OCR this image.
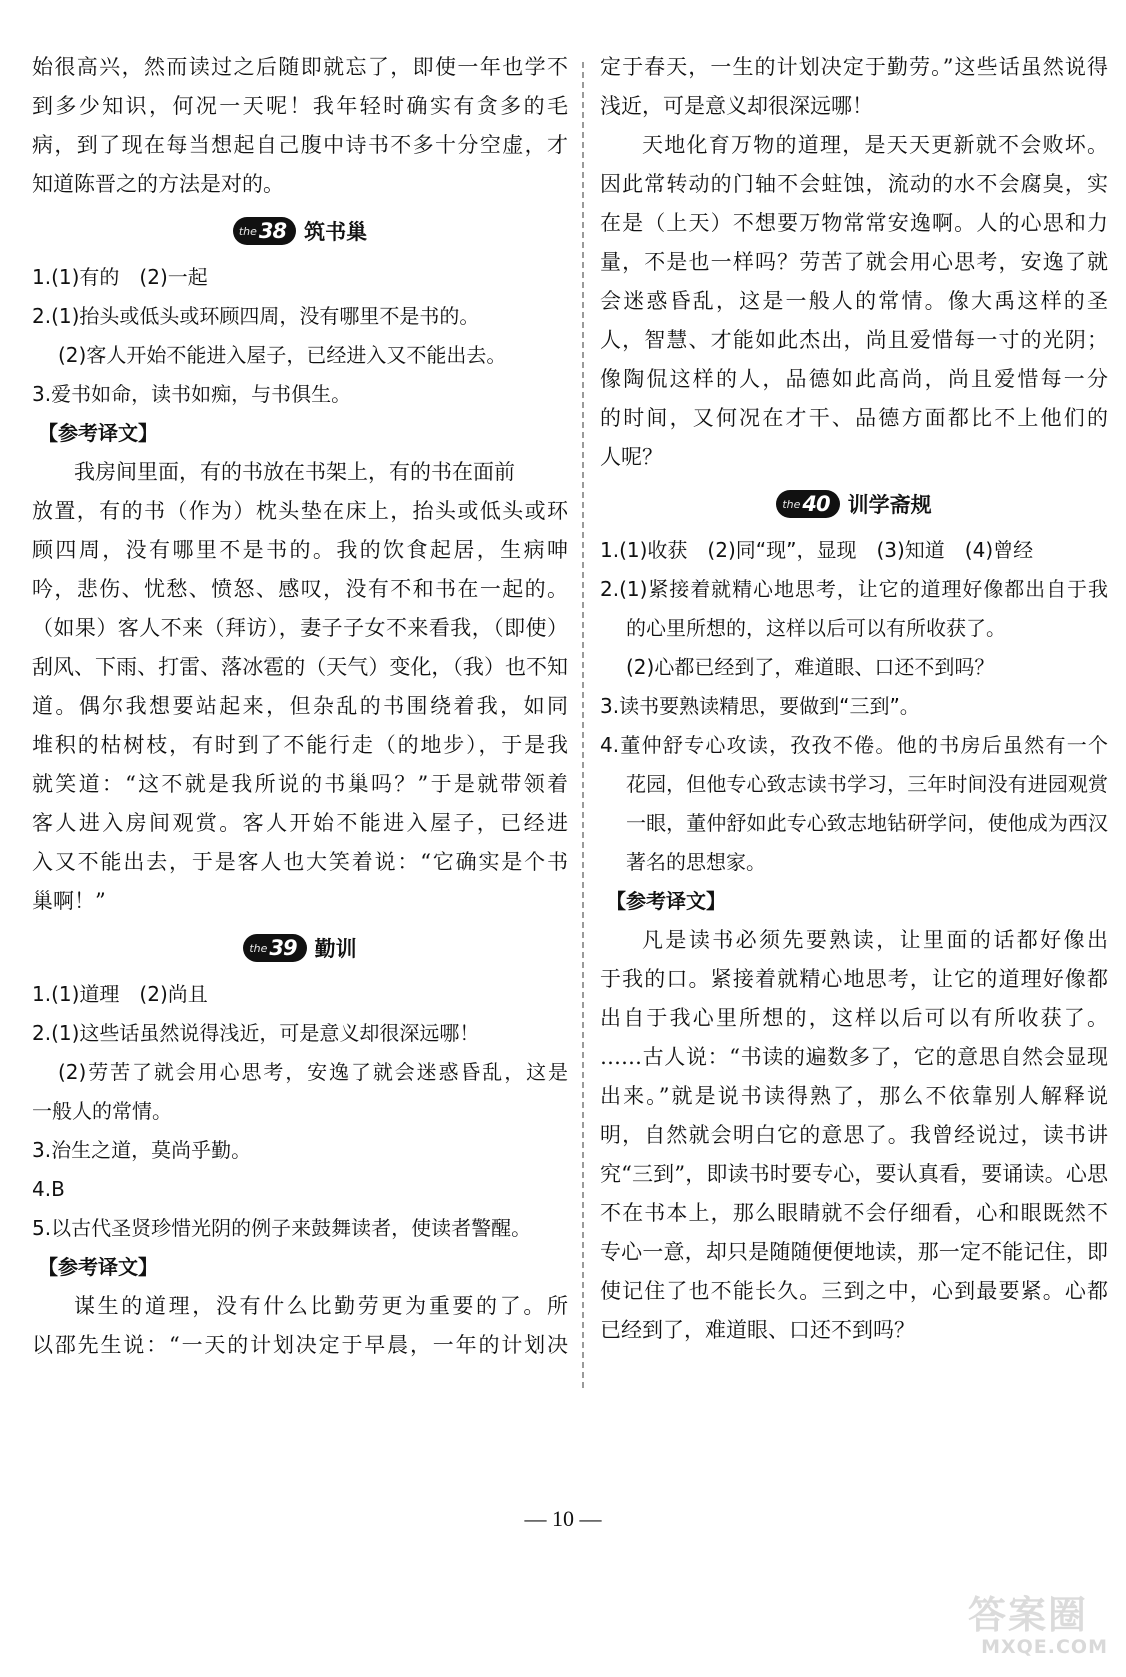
始很高兴，然而读过之后随即就忘了，即使一年也学不
到多少知识，何况一天呢！我年轻时确实有贪多的毛
病，到了现在每当想起自己腹中诗书不多十分空虚，才
知道陈晋之的方法是对的。
the 38 筑书巢
1.(1)有的　(2)一起
2.(1)抬头或低头或环顾四周，没有哪里不是书的。
(2)客人开始不能进入屋子，已经进入又不能出去。
3.爱书如命，读书如痴，与书俱生。
【参考译文】
我房间里面，有的书放在书架上，有的书在面前
放置，有的书（作为）枕头垫在床上，抬头或低头或环
顾四周，没有哪里不是书的。我的饮食起居，生病呻
吟，悲伤、忧愁、愤怒、感叹，没有不和书在一起的。
（如果）客人不来（拜访），妻子子女不来看我，（即使）
刮风、下雨、打雷、落冰雹的（天气）变化，（我）也不知
道。偶尔我想要站起来，但杂乱的书围绕着我，如同
堆积的枯树枝，有时到了不能行走（的地步），于是我
就笑道：“这不就是我所说的书巢吗？”于是就带领着
客人进入房间观赏。客人开始不能进入屋子，已经进
入又不能出去，于是客人也大笑着说：“它确实是个书
巢啊！”
the 39 勤训
1.(1)道理　(2)尚且
2.(1)这些话虽然说得浅近，可是意义却很深远哪！
(2)劳苦了就会用心思考，安逸了就会迷惑昏乱，这是
一般人的常情。
3.治生之道，莫尚乎勤。
4.B
5.以古代圣贤珍惜光阴的例子来鼓舞读者，使读者警醒。
【参考译文】
谋生的道理，没有什么比勤劳更为重要的了。所
以邵先生说：“一天的计划决定于早晨，一年的计划决
定于春天，一生的计划决定于勤劳。”这些话虽然说得
浅近，可是意义却很深远哪！
天地化育万物的道理，是天天更新就不会败坏。
因此常转动的门轴不会蛀蚀，流动的水不会腐臭，实
在是（上天）不想要万物常常安逸啊。人的心思和力
量，不是也一样吗？劳苦了就会用心思考，安逸了就
会迷惑昏乱，这是一般人的常情。像大禹这样的圣
人，智慧、才能如此杰出，尚且爱惜每一寸的光阴；
像陶侃这样的人，品德如此高尚，尚且爱惜每一分
的时间，又何况在才干、品德方面都比不上他们的
人呢？
the 40 训学斋规
1.(1)收获　(2)同“现”，显现　(3)知道　(4)曾经
2.(1)紧接着就精心地思考，让它的道理好像都出自于我
的心里所想的，这样以后可以有所收获了。
(2)心都已经到了，难道眼、口还不到吗？
3.读书要熟读精思，要做到“三到”。
4.董仲舒专心攻读，孜孜不倦。他的书房后虽然有一个
花园，但他专心致志读书学习，三年时间没有进园观赏
一眼，董仲舒如此专心致志地钻研学问，使他成为西汉
著名的思想家。
【参考译文】
凡是读书必须先要熟读，让里面的话都好像出
于我的口。紧接着就精心地思考，让它的道理好像都
出自于我心里所想的，这样以后可以有所收获了。
……古人说：“书读的遍数多了，它的意思自然会显现
出来。”就是说书读得熟了，那么不依靠别人解释说
明，自然就会明白它的意思了。我曾经说过，读书讲
究“三到”，即读书时要专心，要认真看，要诵读。心思
不在书本上，那么眼睛就不会仔细看，心和眼既然不
专心一意，却只是随随便便地读，那一定不能记住，即
使记住了也不能长久。三到之中，心到最要紧。心都
已经到了，难道眼、口还不到吗？
— 10 —
答案圈
MXQE.COM
